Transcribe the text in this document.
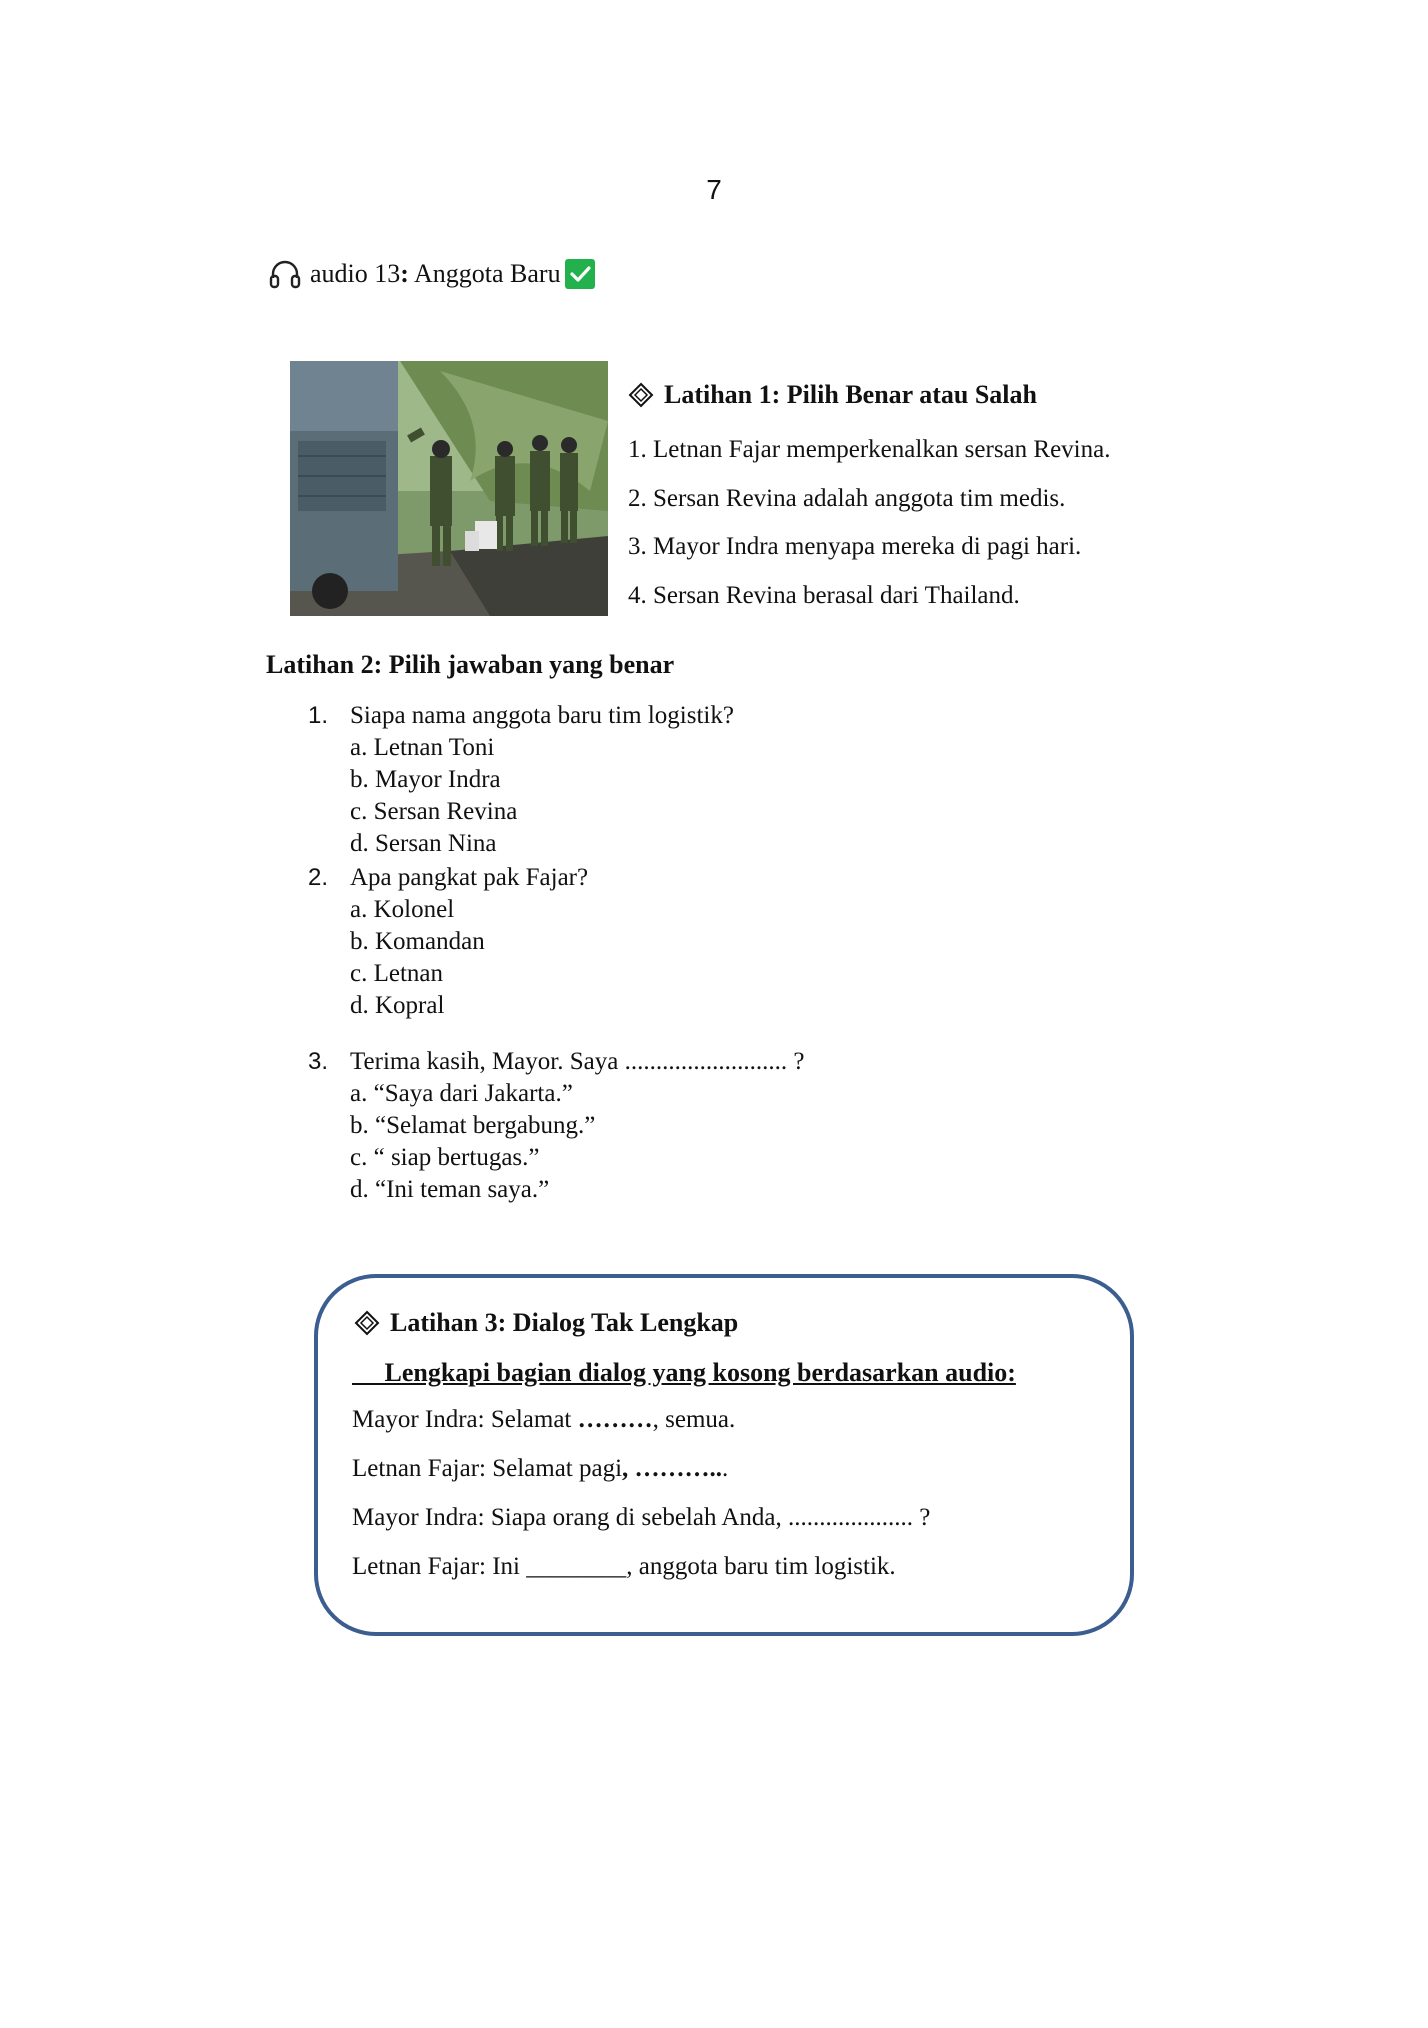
7
audio 13 : Anggota Baru
Latihan 1: Pilih Benar atau Salah
1. Letnan Fajar memperkenalkan sersan Revina.
2. Sersan Revina adalah anggota tim medis.
3. Mayor Indra menyapa mereka di pagi hari.
4. Sersan Revina berasal dari Thailand.
Latihan 2: Pilih jawaban yang benar
1. Siapa nama anggota baru tim logistik?
a. Letnan Toni
b. Mayor Indra
c. Sersan Revina
d. Sersan Nina
2. Apa pangkat pak Fajar?
a. Kolonel
b. Komandan
c. Letnan
d. Kopral
3. Terima kasih, Mayor. Saya .......................... ?
a. “Saya dari Jakarta.”
b. “Selamat bergabung.”
c. “ siap bertugas.”
d. “Ini teman saya.”
Latihan 3: Dialog Tak Lengkap
Lengkapi bagian dialog yang kosong berdasarkan audio:
Mayor Indra: Selamat ………, semua.
Letnan Fajar: Selamat pagi, ………...
Mayor Indra: Siapa orang di sebelah Anda, .................... ?
Letnan Fajar: Ini ________, anggota baru tim logistik.
